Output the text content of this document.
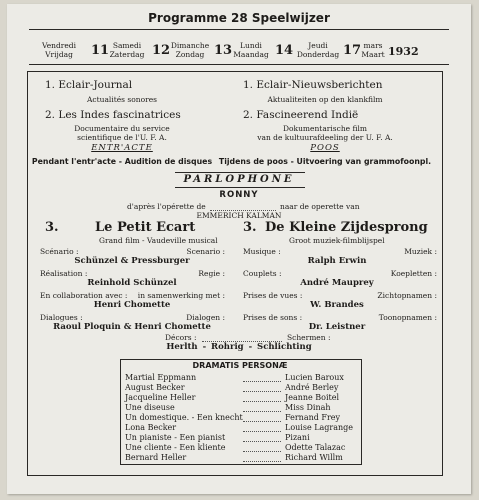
Programme 28 Speelwijzer
Vendredi
Vrijdag	11 Samedi
Zaterdag 12 Dimanche
Zondag 13	Lundi
Maandag 14	Jeudi
Donderdag 17 mars
Maart 1932
1. Eclair-Journal
Actualités sonores
2. Les Indes fascinatrices
Documentaire du service
scientifique de l'U. F. A.
ENTR'ACTE
Pendant l'entr'acte - Audition de disques
1. Eclair-Nieuwsberichten
Aktualiteiten op den klankfilm
2. Fascineerend Indië
Dokumentarische film
van de kultuurafdeeling der U. F. A.
POOS
Tijdens de poos - Uitvoering van grammofoonpl.
PARLOPHONE
RONNY
d'après l'opérette de	naar de operette van
EMMERICH KALMAN
3.	Le Petit Ecart
Grand film - Vaudeville musical
3. De Kleine Zijdesprong
Groot muziek-filmblijspel
Scénario :	Scenario :
Schünzel & Pressburger
Réalisation :	Regie :
Reinhold Schünzel
En collaboration avec : in samenwerking met :
Henri Chomette
Dialogues :	Dialogen :
Raoul Ploquin & Henri Chomette
Musique :	Muziek :
Ralph Erwin
Couplets :	Koepletten :
André Mauprey
Prises de vues :	Zichtopnamen :
W. Brandes
Prises de sons :	Toonopnamen :
Dr. Leistner
Décors :	Schermen :
Herlth - Rohrig - Schlichting
DRAMATIS PERSONÆ
Martial Eppmann	Lucien Baroux
August Becker	André Berley
Jacqueline Heller	Jeanne Boitel
Une diseuse	Miss Dinah
Un domestique. - Een knecht	Fernand Frey
Lona Becker	Louise Lagrange
Un pianiste - Een pianist	Pizani
Une cliente - Een kliente	Odette Talazac
Bernard Heller	Richard Willm
